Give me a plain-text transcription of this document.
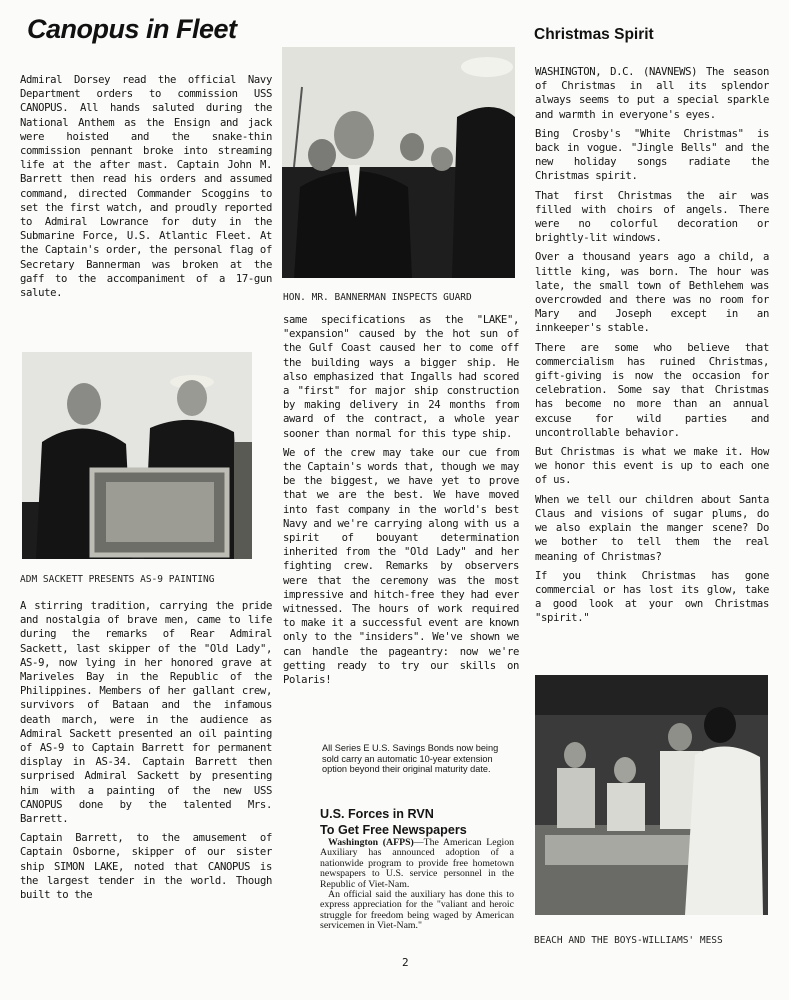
Canopus in Fleet	Christmas Spirit

Admiral Dorsey read the official Navy Department orders to commission USS CANOPUS. All hands saluted during the National Anthem as the Ensign and jack were hoisted and the snake-thin commission pennant broke into streaming life at the after mast. Captain John M. Barrett then read his orders and assumed command, directed Commander Scoggins to set the first watch, and proudly reported to Admiral Lowrance for duty in the Submarine Force, U.S. Atlantic Fleet. At the Captain's order, the personal flag of Secretary Bannerman was broken at the gaff to the accompaniment of a 17-gun salute.

ADM SACKETT PRESENTS AS-9 PAINTING

A stirring tradition, carrying the pride and nostalgia of brave men, came to life during the remarks of Rear Admiral Sackett, last skipper of the "Old Lady", AS-9, now lying in her honored grave at Mariveles Bay in the Republic of the Philippines. Members of her gallant crew, survivors of Bataan and the infamous death march, were in the audience as Admiral Sackett presented an oil painting of AS-9 to Captain Barrett for permanent display in AS-34. Captain Barrett then surprised Admiral Sackett by presenting him with a painting of the new USS CANOPUS done by the talented Mrs. Barrett.

Captain Barrett, to the amusement of Captain Osborne, skipper of our sister ship SIMON LAKE, noted that CANOPUS is the largest tender in the world. Though built to the

HON. MR. BANNERMAN INSPECTS GUARD

same specifications as the "LAKE", "expansion" caused by the hot sun of the Gulf Coast caused her to come off the building ways a bigger ship. He also emphasized that Ingalls had scored a "first" for major ship construction by making delivery in 24 months from award of the contract, a whole year sooner than normal for this type ship.

We of the crew may take our cue from the Captain's words that, though we may be the biggest, we have yet to prove that we are the best. We have moved into fast company in the world's best Navy and we're carrying along with us a spirit of bouyant determination inherited from the "Old Lady" and her fighting crew. Remarks by observers were that the ceremony was the most impressive and hitch-free they had ever witnessed. The hours of work required to make it a successful event are known only to the "insiders". We've shown we can handle the pageantry: now we're getting ready to try our skills on Polaris!

All Series E U.S. Savings Bonds now being sold carry an automatic 10-year extension option beyond their original maturity date.
U.S. Forces in RVN
To Get Free Newspapers

Washington (AFPS)—The American Legion Auxiliary has announced adoption of a nationwide program to provide free hometown newspapers to U.S. service personnel in the Republic of Viet-Nam.

An official said the auxiliary has done this to express appreciation for the "valiant and heroic struggle for freedom being waged by American servicemen in Viet-Nam."

WASHINGTON, D.C. (NAVNEWS) The season of Christmas in all its splendor always seems to put a special sparkle and warmth in everyone's eyes.

Bing Crosby's "White Christmas" is back in vogue. "Jingle Bells" and the new holiday songs radiate the Christmas spirit.

That first Christmas the air was filled with choirs of angels. There were no colorful decoration or brightly-lit windows.

Over a thousand years ago a child, a little king, was born. The hour was late, the small town of Bethlehem was overcrowded and there was no room for Mary and Joseph except in an innkeeper's stable.

There are some who believe that commercialism has ruined Christmas, gift-giving is now the occasion for celebration. Some say that Christmas has become no more than an annual excuse for wild parties and uncontrollable behavior.

But Christmas is what we make it. How we honor this event is up to each one of us.

When we tell our children about Santa Claus and visions of sugar plums, do we also explain the manger scene? Do we bother to tell them the real meaning of Christmas?

If you think Christmas has gone commercial or has lost its glow, take a good look at your own Christmas "spirit."

BEACH AND THE BOYS-WILLIAMS' MESS
2
